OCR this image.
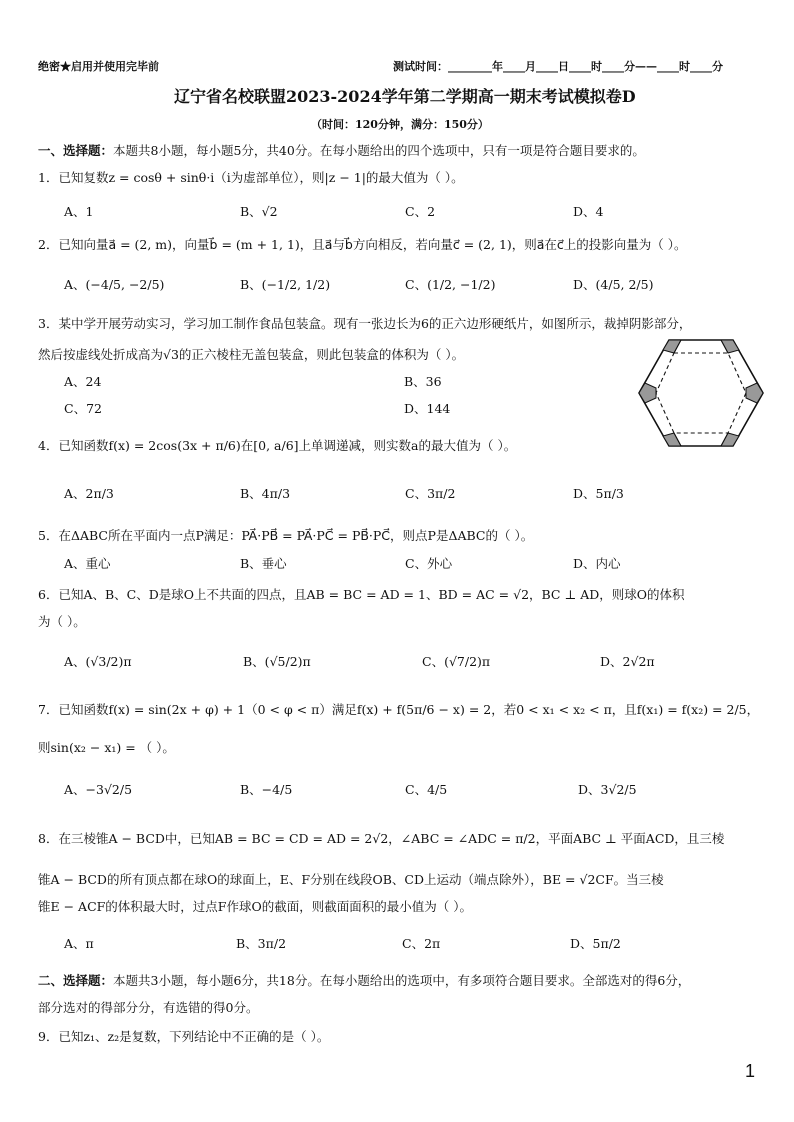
绝密★启用并使用完毕前	测试时间：________年____月____日____时____分——____时____分
辽宁省名校联盟2023-2024学年第二学期高一期末考试模拟卷D
（时间：120分钟，满分：150分）
一、选择题：本题共8小题，每小题5分，共40分。在每小题给出的四个选项中，只有一项是符合题目要求的。
1．已知复数z = cosθ + sinθ·i（i为虚部单位），则|z − 1|的最大值为（ ）。
A、1	B、√2	C、2	D、4
2．已知向量a⃗ = (2, m)，向量b⃗ = (m + 1, 1)，且a⃗与b⃗方向相反，若向量c⃗ = (2, 1)，则a⃗在c⃗上的投影向量为（ ）。
A、(−4/5, −2/5)	B、(−1/2, 1/2)	C、(1/2, −1/2)	D、(4/5, 2/5)
3．某中学开展劳动实习，学习加工制作食品包装盒。现有一张边长为6的正六边形硬纸片，如图所示，裁掉阴影部分，
然后按虚线处折成高为√3的正六棱柱无盖包装盒，则此包装盒的体积为（ ）。
A、24	B、36
C、72	D、144
4．已知函数f(x) = 2cos(3x + π/6)在[0, a/6]上单调递减，则实数a的最大值为（ ）。
A、2π/3	B、4π/3	C、3π/2	D、5π/3
5．在ΔABC所在平面内一点P满足：PA⃗·PB⃗ = PA⃗·PC⃗ = PB⃗·PC⃗，则点P是ΔABC的（ ）。
A、重心	B、垂心	C、外心	D、内心
6．已知A、B、C、D是球O上不共面的四点，且AB = BC = AD = 1、BD = AC = √2，BC ⊥ AD，则球O的体积
为（ ）。
A、(√3/2)π	B、(√5/2)π	C、(√7/2)π	D、2√2π
7．已知函数f(x) = sin(2x + φ) + 1（0 < φ < π）满足f(x) + f(5π/6 − x) = 2，若0 < x₁ < x₂ < π，且f(x₁) = f(x₂) = 2/5，
则sin(x₂ − x₁) = （ ）。
A、−3√2/5	B、−4/5	C、4/5	D、3√2/5
8．在三棱锥A − BCD中，已知AB = BC = CD = AD = 2√2，∠ABC = ∠ADC = π/2，平面ABC ⊥ 平面ACD，且三棱
锥A − BCD的所有顶点都在球O的球面上，E、F分别在线段OB、CD上运动（端点除外），BE = √2CF。当三棱
锥E − ACF的体积最大时，过点F作球O的截面，则截面面积的最小值为（ ）。
A、π	B、3π/2	C、2π	D、5π/2
二、选择题：本题共3小题，每小题6分，共18分。在每小题给出的选项中，有多项符合题目要求。全部选对的得6分，
部分选对的得部分分，有选错的得0分。
9．已知z₁、z₂是复数，下列结论中不正确的是（ ）。
1
